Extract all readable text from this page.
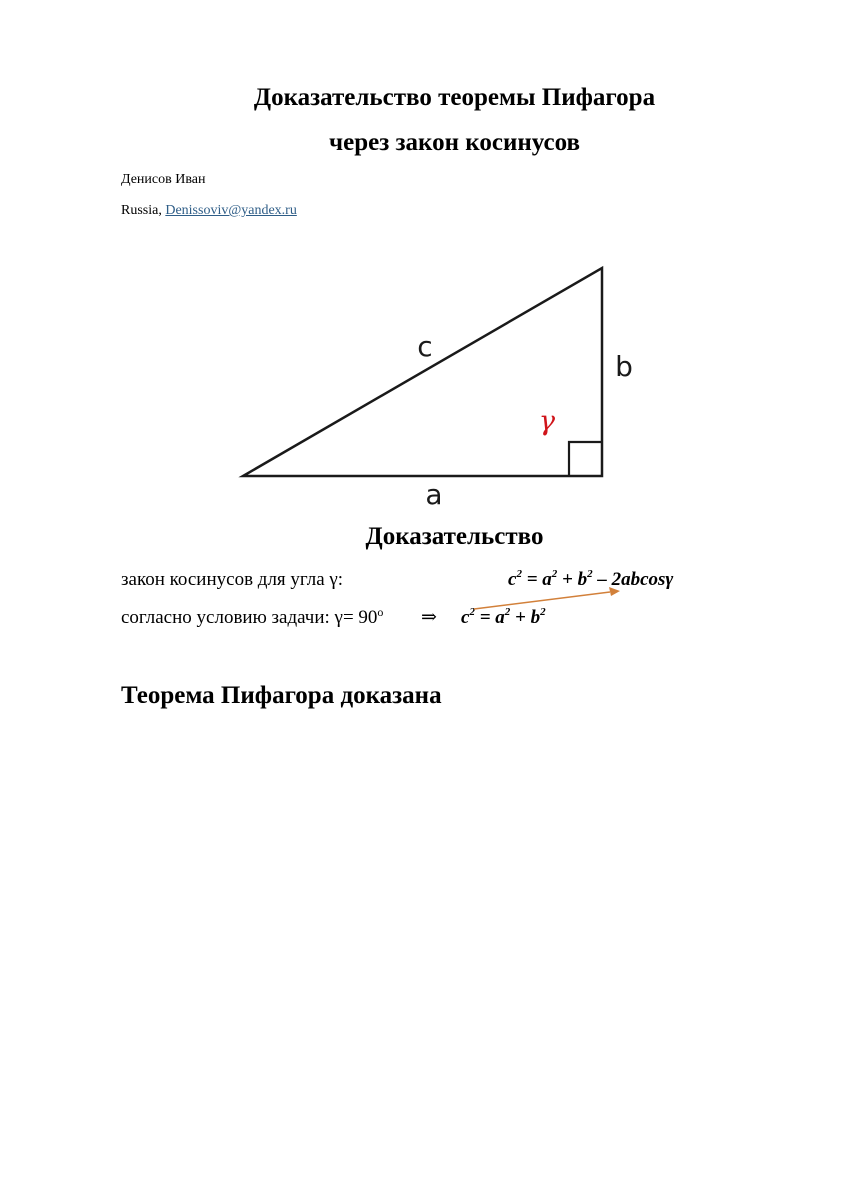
Доказательство теоремы Пифагора
через закон косинусов
Денисов Иван
Russia, Denissoviv@yandex.ru
c
b
a
γ
Доказательство
закон косинусов для угла γ:	$c^2 = a^2 + b^2 - 2abcos\gamma$
согласно условию задачи: $\gamma= 90^o$ ⇒ $c^2 = a^2 + b^2$
Теорема Пифагора доказана
